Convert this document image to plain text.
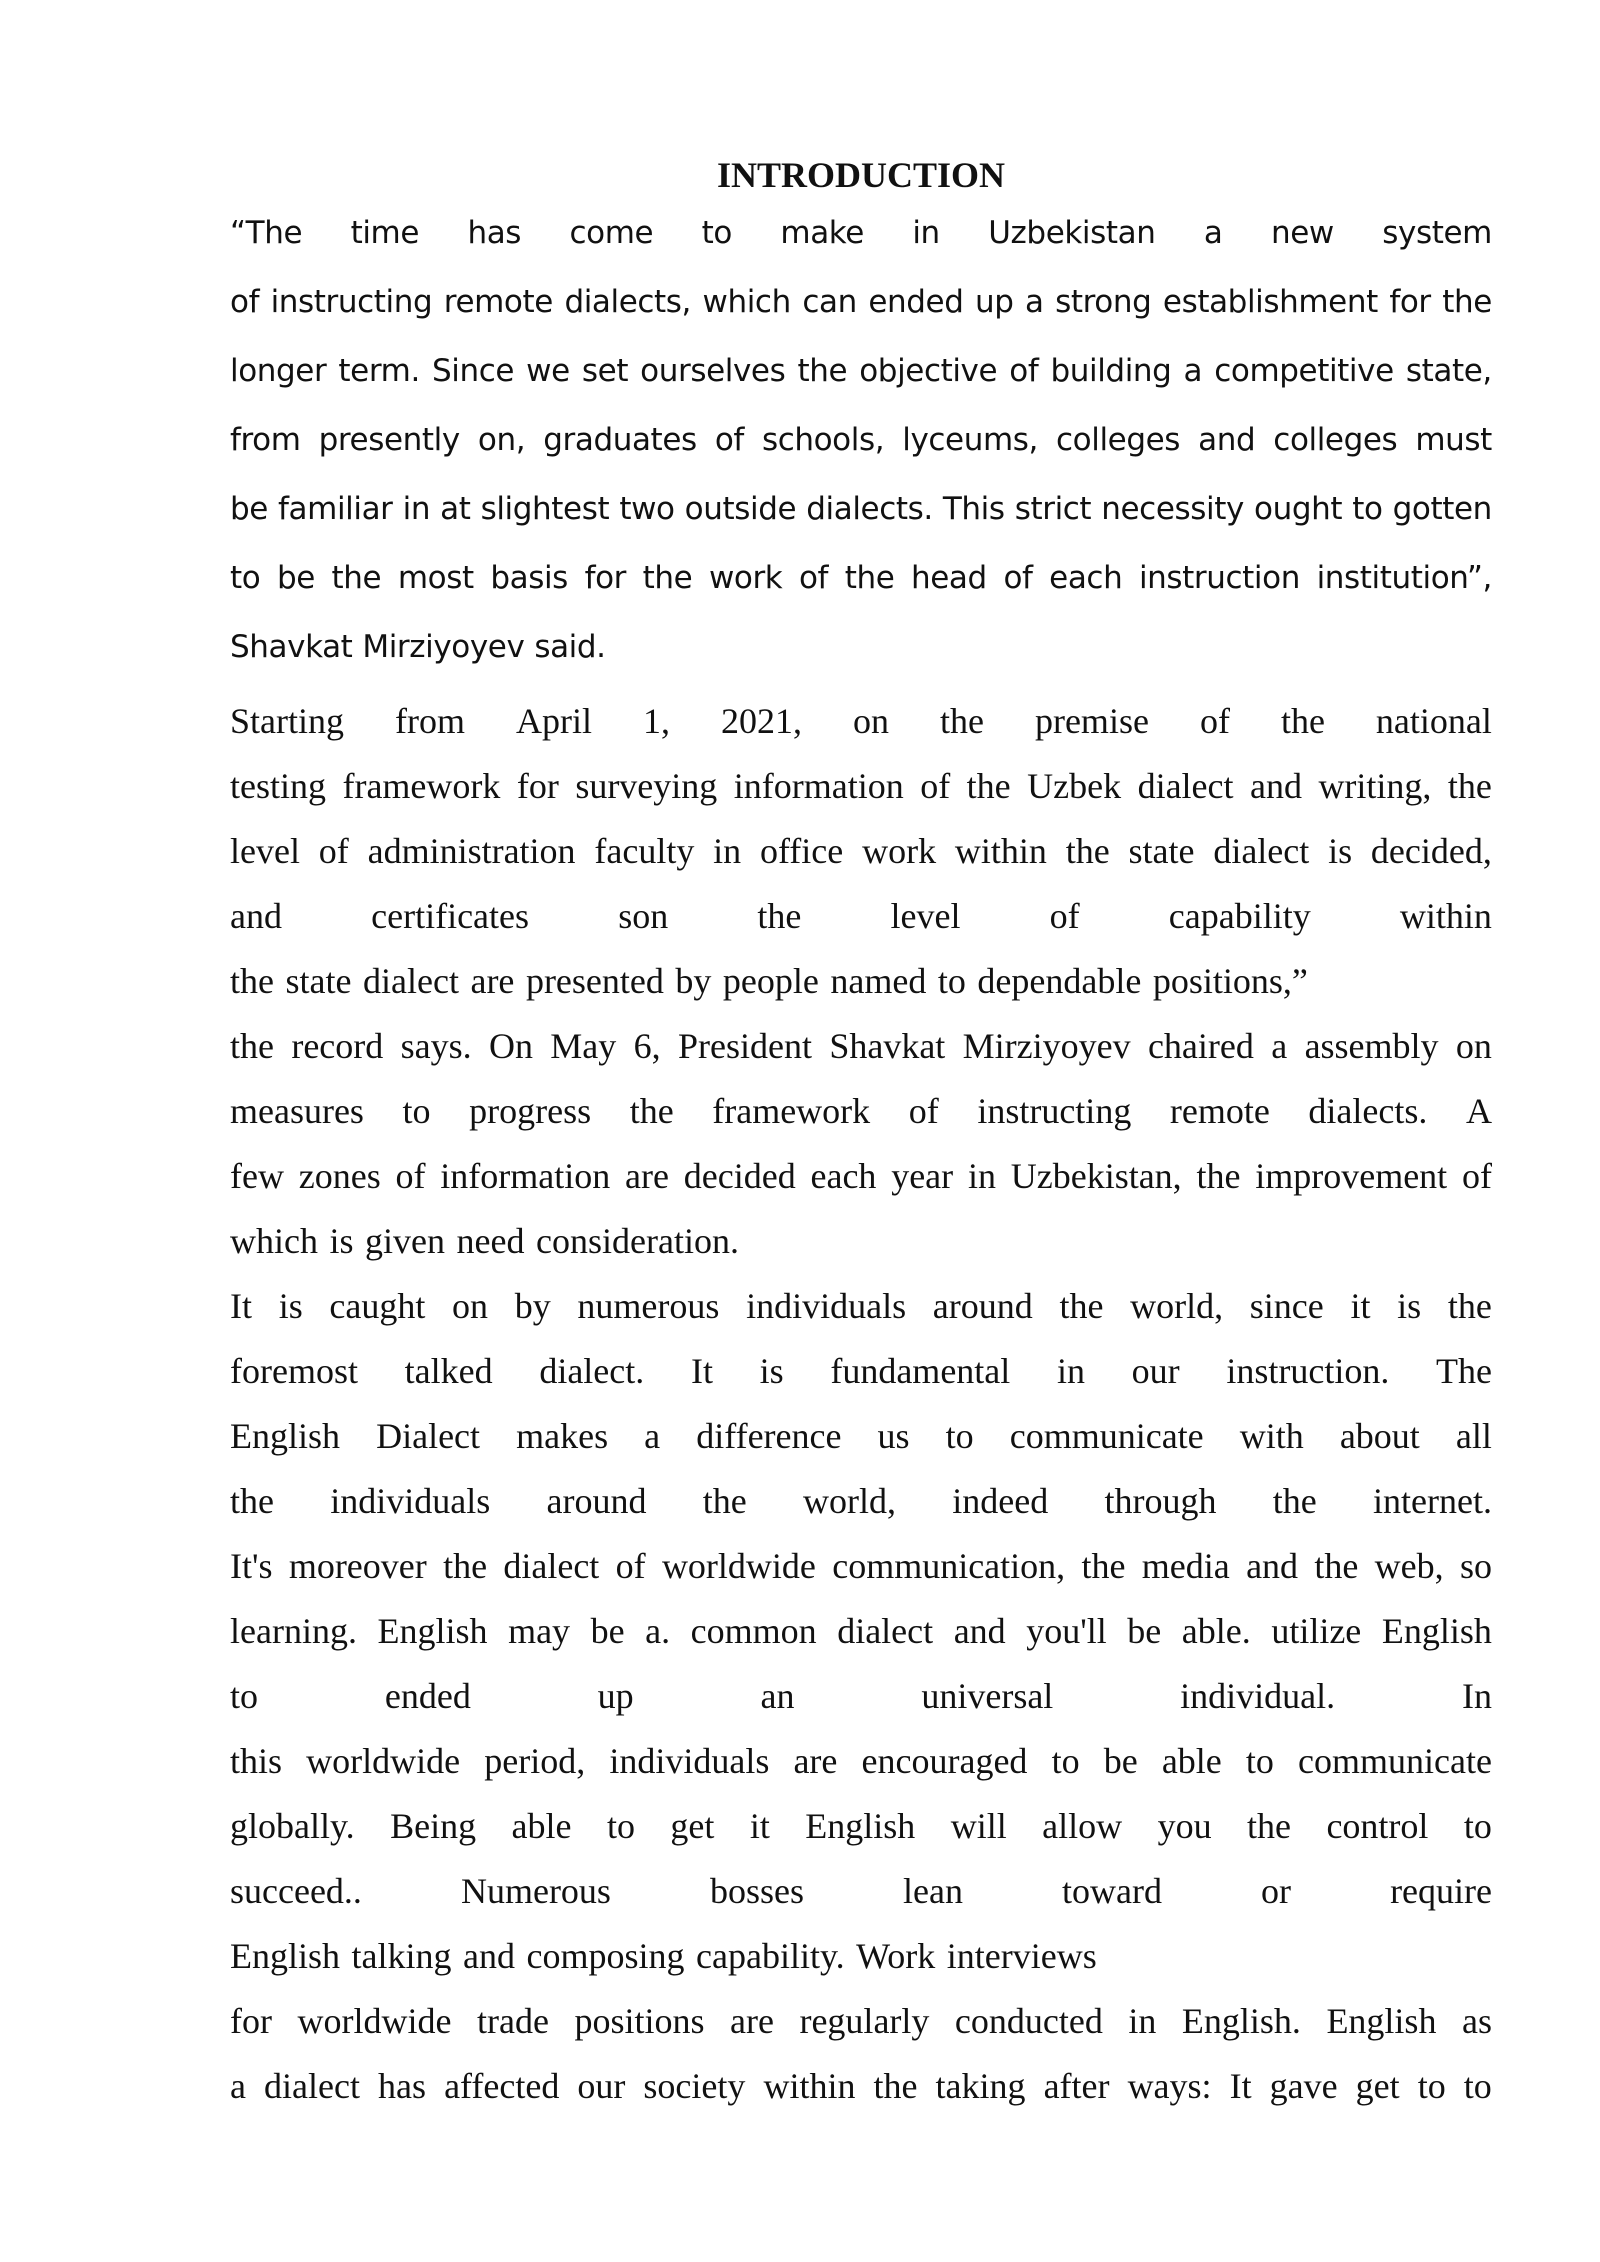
INTRODUCTION
“The time has come to make in Uzbekistan a new system
of instructing remote dialects, which can ended up a strong establishment for the
longer term. Since we set ourselves the objective of building a competitive state,
from presently on, graduates of schools, lyceums, colleges and colleges must
be familiar in at slightest two outside dialects. This strict necessity ought to gotten
to be the most basis for the work of the head of each instruction institution”,
Shavkat Mirziyoyev said.
Starting from April 1, 2021, on the premise of the national
testing framework for surveying information of the Uzbek dialect and writing, the
level of administration faculty in office work within the state dialect is decided,
and certificates son the level of capability within
the state dialect are presented by people named to dependable positions,”
the record says. On May 6, President Shavkat Mirziyoyev chaired a assembly on
measures to progress the framework of instructing remote dialects. A
few zones of information are decided each year in Uzbekistan, the improvement of
which is given need consideration.
It is caught on by numerous individuals around the world, since it is the
foremost talked dialect. It is fundamental in our instruction. The
English Dialect makes a difference us to communicate with about all
the individuals around the world, indeed through the internet.
It's moreover the dialect of worldwide communication, the media and the web, so
learning. English may be a. common dialect and you'll be able. utilize English
to	ended	up	an	universal	individual.	In
this worldwide period, individuals are encouraged to be able to communicate
globally. Being able to get it English will allow you the control to
succeed..	Numerous	bosses	lean	toward	or	require
English talking and composing capability. Work interviews
for worldwide trade positions are regularly conducted in English. English as
a dialect has affected our society within the taking after ways: It gave get to to
